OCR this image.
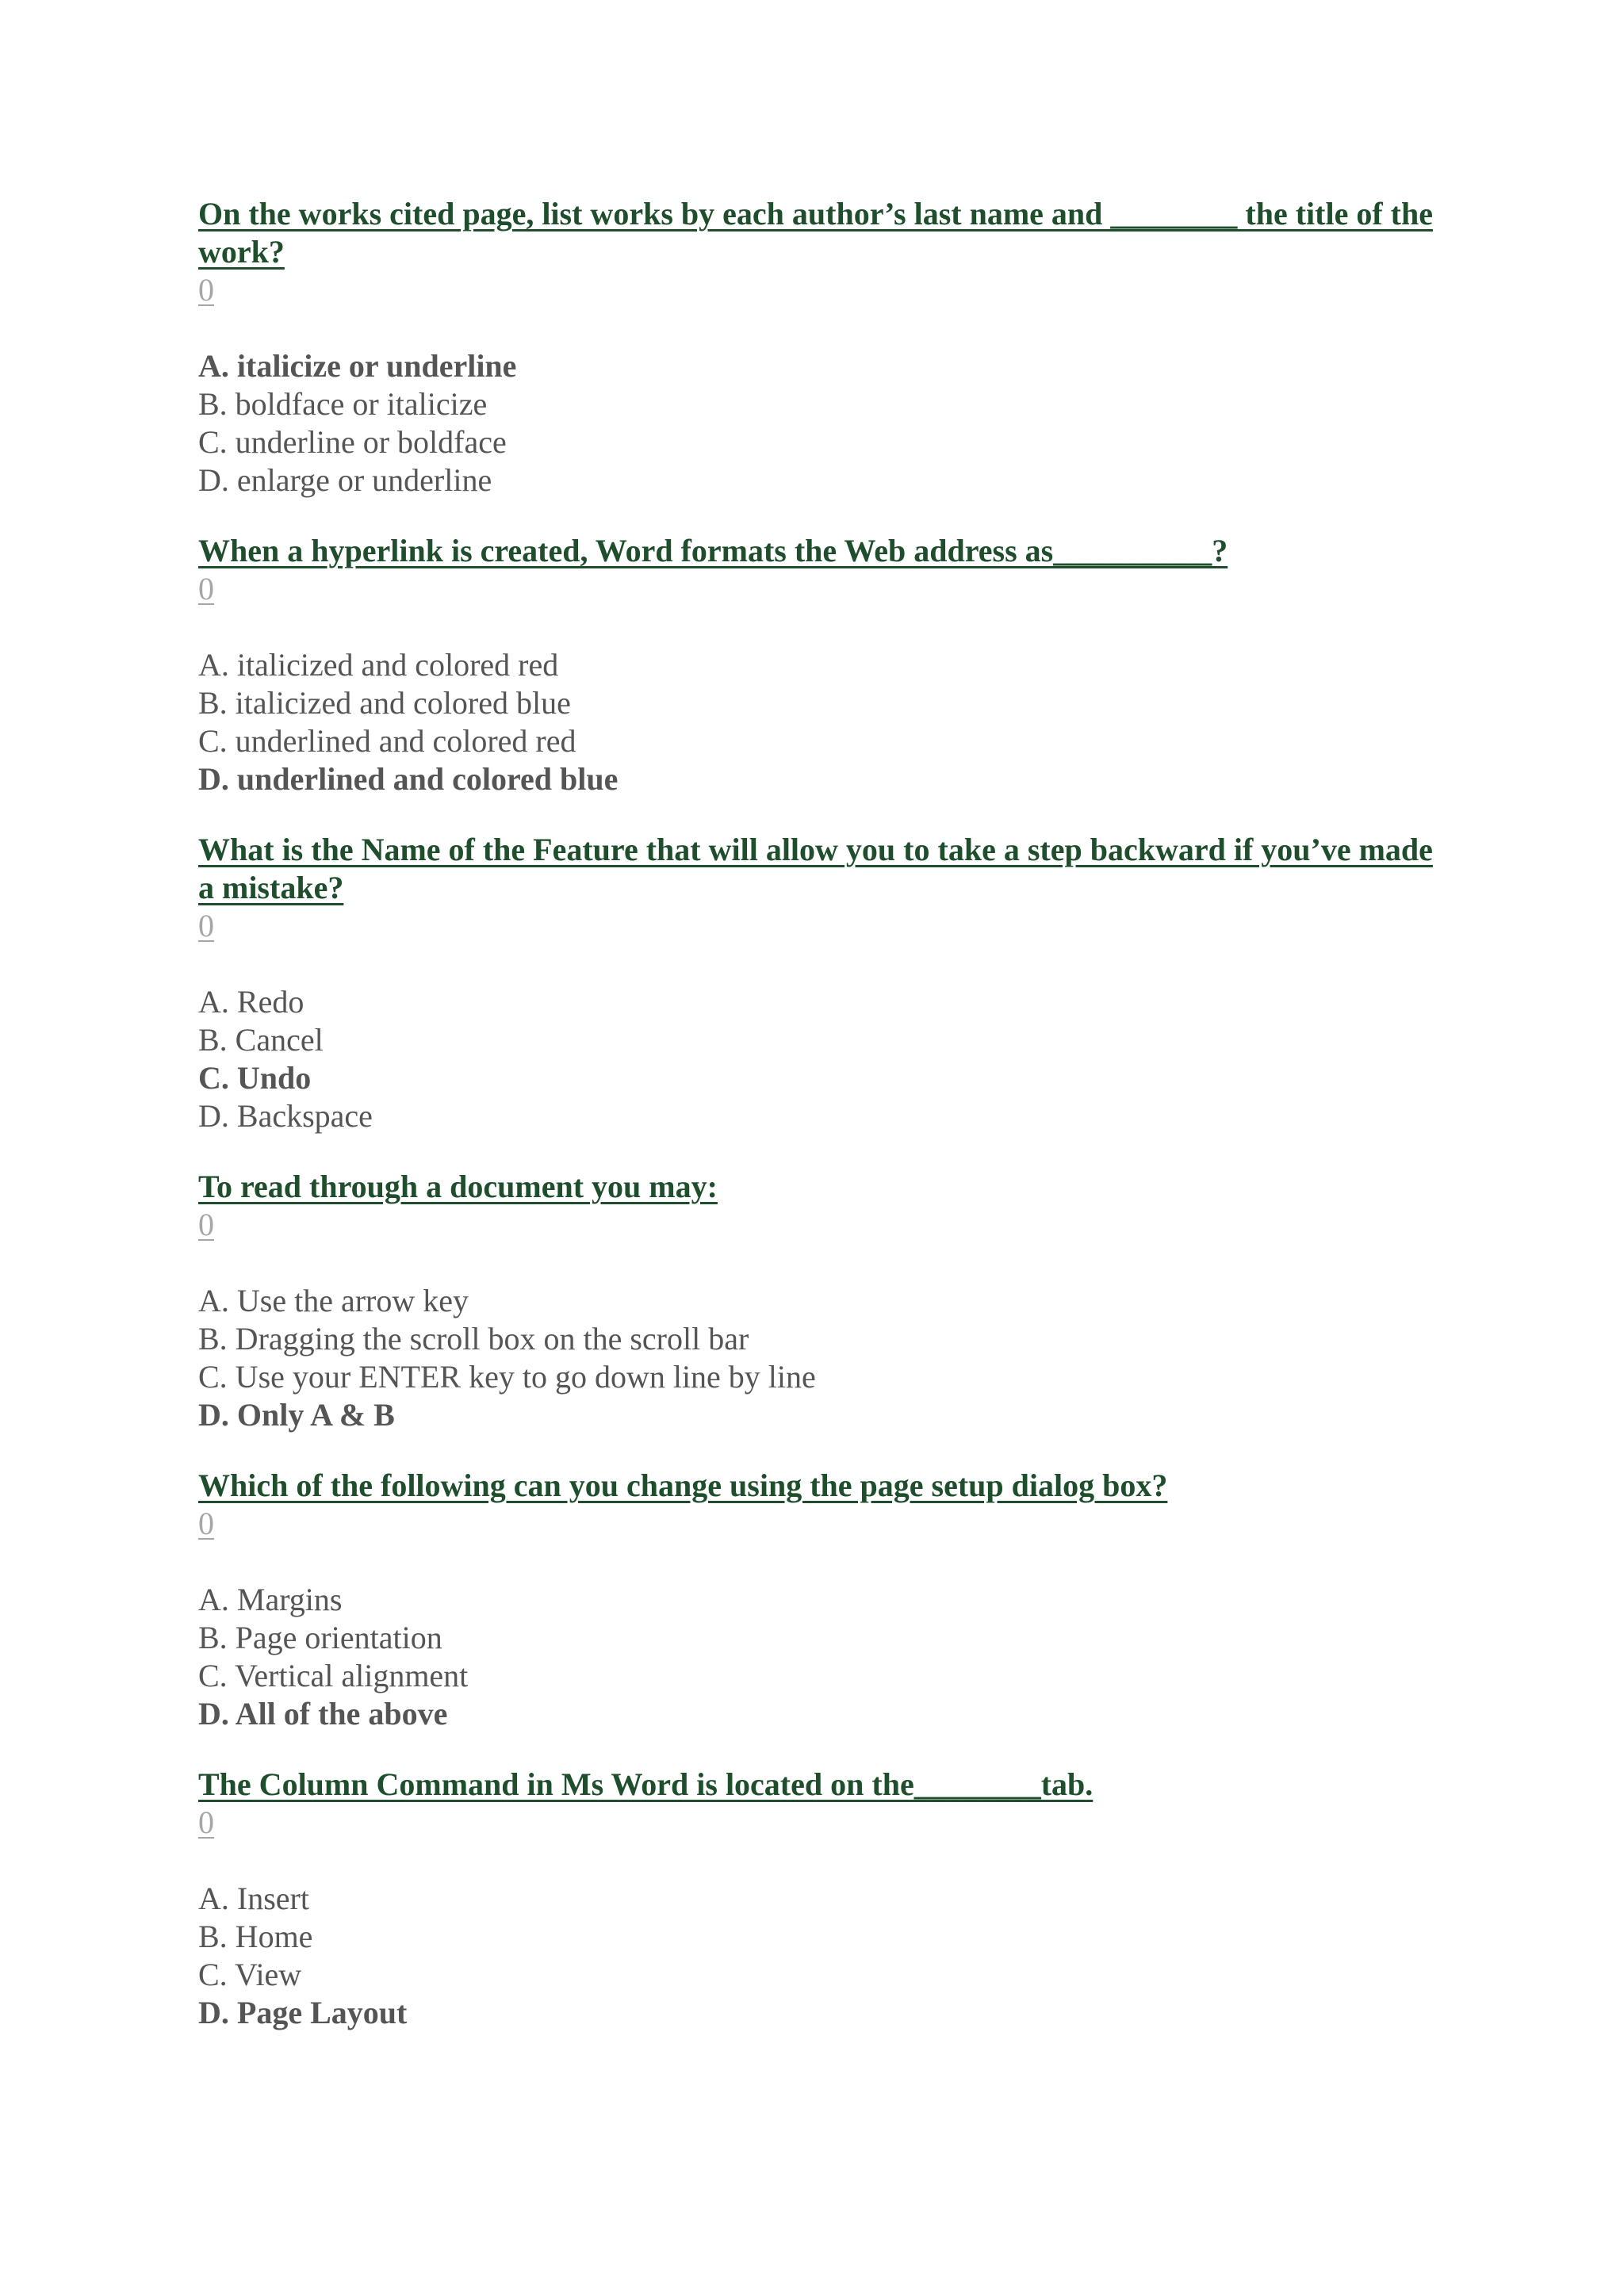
On the works cited page, list works by each author’s last name and ________ the title of the work?

0

A. italicize or underline

B. boldface or italicize

C. underline or boldface

D. enlarge or underline

When a hyperlink is created, Word formats the Web address as__________?

0

A. italicized and colored red

B. italicized and colored blue

C. underlined and colored red

D. underlined and colored blue

What is the Name of the Feature that will allow you to take a step backward if you’ve made a mistake?

0

A. Redo

B. Cancel

C. Undo

D. Backspace

To read through a document you may:

0

A. Use the arrow key

B. Dragging the scroll box on the scroll bar

C. Use your ENTER key to go down line by line

D. Only A & B

Which of the following can you change using the page setup dialog box?

0

A. Margins

B. Page orientation

C. Vertical alignment

D. All of the above

The Column Command in Ms Word is located on the________tab.

0

A. Insert

B. Home

C. View

D. Page Layout
